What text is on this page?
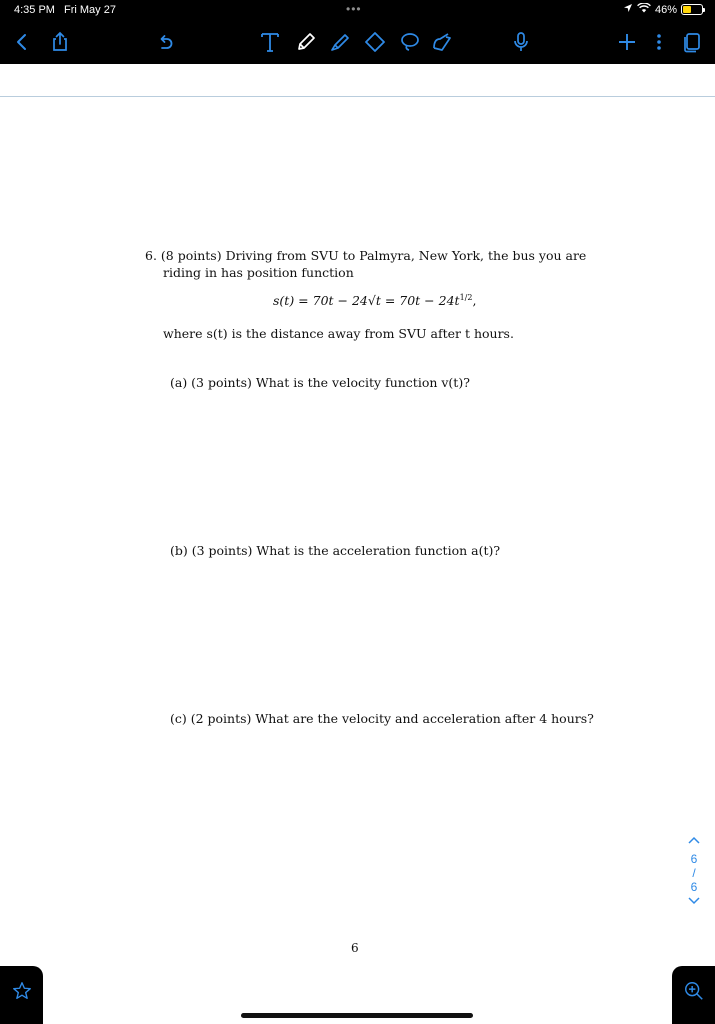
4:35 PM Fri May 27	•••	46%
6. (8 points) Driving from SVU to Palmyra, New York, the bus you are
riding in has position function
$s(t) = 70t - 24√t = 70t - 24t^{1/2}$,
where s(t) is the distance away from SVU after t hours.
(a) (3 points) What is the velocity function v(t)?
(b) (3 points) What is the acceleration function a(t)?
(c) (2 points) What are the velocity and acceleration after 4 hours?
6
6
/
6
